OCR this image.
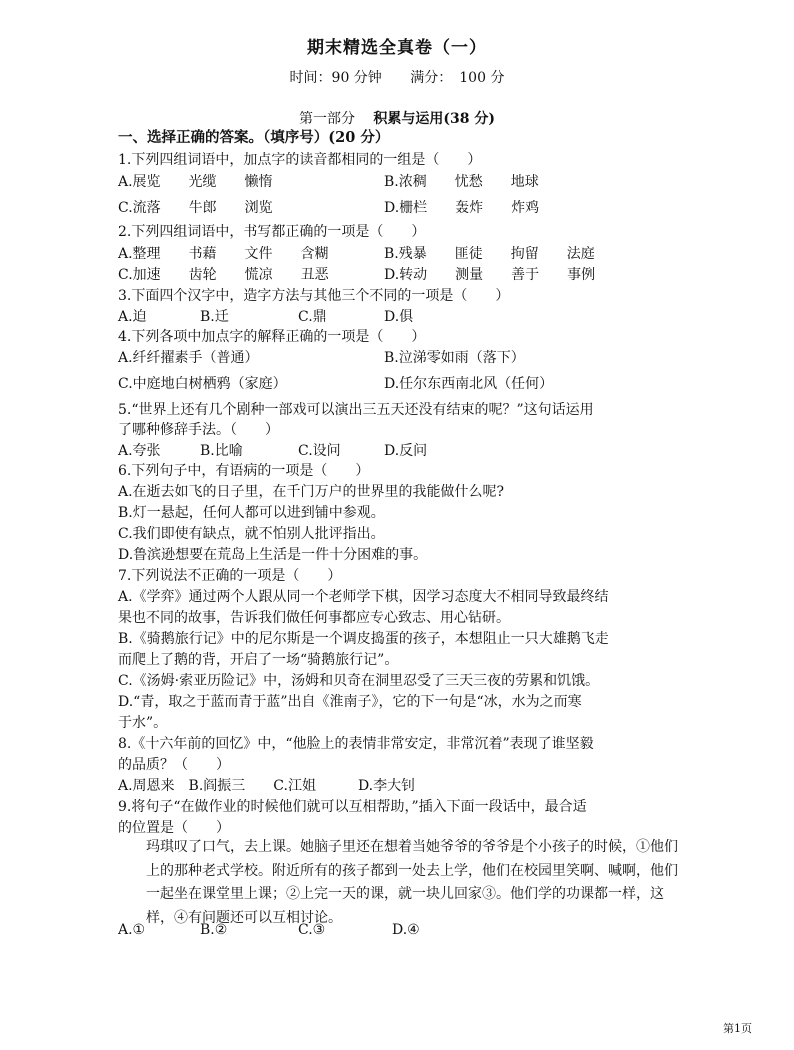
期末精选全真卷（一）
时间：90 分钟 满分：　 100 分
第一部分　 积累与运用(38 分)
一、选择正确的答案。（填序号）(20 分）
1.下列四组词语中，加点字的读音都相同的一组是（　　）
A.展览　　光缆　　懒惰	B.浓稠　　忧愁　　地球
C.流落　　牛郎　　浏览	D.栅栏　　轰炸　　炸鸡
2.下列四组词语中，书写都正确的一项是（　　）
A.整理　　书藉　　文件　　含糊	B.残暴　　匪徒　　拘留　　法庭
C.加速　　齿轮　　慌凉　　丑恶	D.转动　　测量　　善于　　事例
3.下面四个汉字中，造字方法与其他三个不同的一项是（　　）
A.迫	B.迁	C.鼎	D.俱
4.下列各项中加点字的解释正确的一项是（　　）
A.纤纤擢素手（普通）	B.泣涕零如雨（落下）
C.中庭地白树栖鸦（家庭）	D.任尔东西南北风（任何）
5.“世界上还有几个剧种一部戏可以演出三五天还没有结束的呢？”这句话运用
了哪种修辞手法。（　　）
A.夸张	B.比喻	C.设问	D.反问
6.下列句子中，有语病的一项是（　　）
A.在逝去如飞的日子里，在千门万户的世界里的我能做什么呢?
B.灯一悬起，任何人都可以进到铺中参观。
C.我们即使有缺点，就不怕别人批评指出。
D.鲁滨逊想要在荒岛上生活是一件十分困难的事。
7.下列说法不正确的一项是（　　）
A.《学弈》通过两个人跟从同一个老师学下棋，因学习态度大不相同导致最终结
果也不同的故事，告诉我们做任何事都应专心致志、用心钻研。
B.《骑鹅旅行记》中的尼尔斯是一个调皮捣蛋的孩子，本想阻止一只大雄鹅飞走
而爬上了鹅的背，开启了一场“骑鹅旅行记”。
C.《汤姆·索亚历险记》中，汤姆和贝奇在洞里忍受了三天三夜的劳累和饥饿。
D.“青，取之于蓝而青于蓝”出自《淮南子》，它的下一句是“冰，水为之而寒
于水”。
8.《十六年前的回忆》中，“他脸上的表情非常安定，非常沉着”表现了谁坚毅
的品质？（　　）
A.周恩来　B.阎振三　　C.江姐　　　D.李大钊
9.将句子“在做作业的时候他们就可以互相帮助，”插入下面一段话中，最合适
的位置是（　　）
玛琪叹了口气，去上课。她脑子里还在想着当她爷爷的爷爷是个小孩子的时候，①他们上的那种老式学校。附近所有的孩子都到一处去上学，他们在校园里笑啊、喊啊，他们一起坐在课堂里上课；②上完一天的课，就一块儿回家③。他们学的功课都一样，这样，④有问题还可以互相讨论。
A.①	B.②	C.③	D.④
第1页
